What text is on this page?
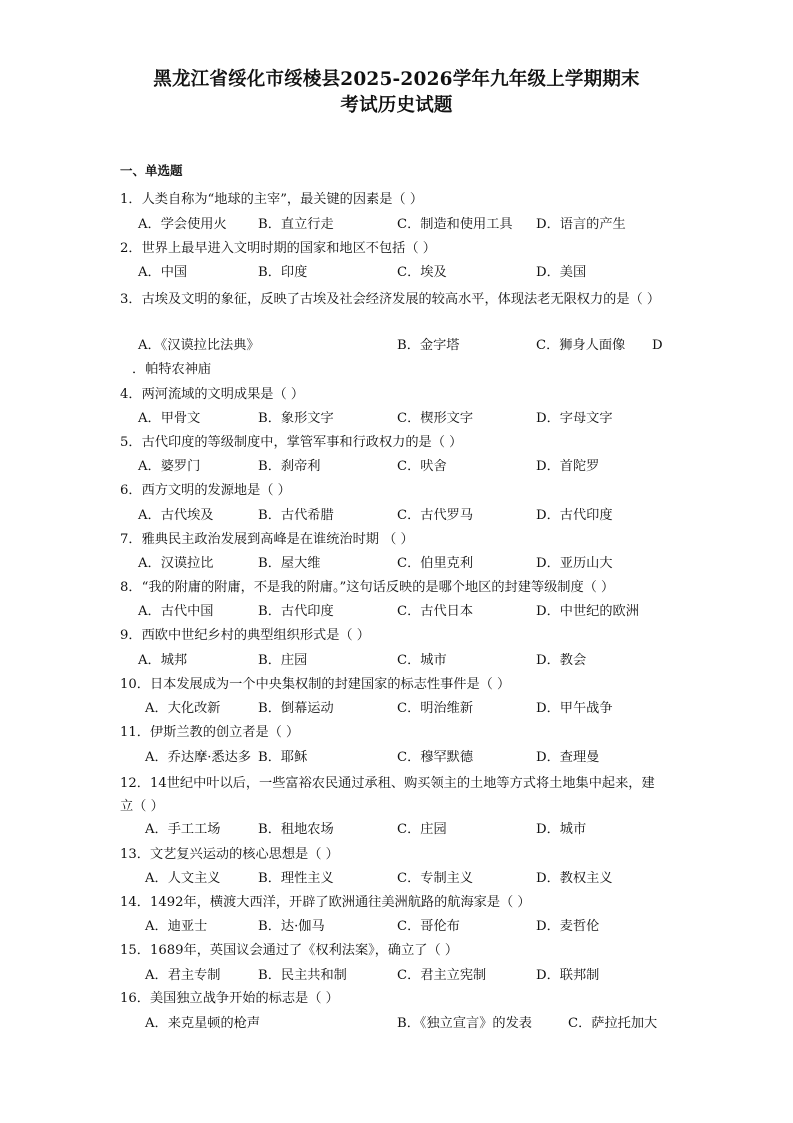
黑龙江省绥化市绥棱县2025-2026学年九年级上学期期末
考试历史试题
一、单选题
1．人类自称为“地球的主宰”，最关键的因素是（ ）
A．学会使用火 B．直立行走	C．制造和使用工具 D．语言的产生
2．世界上最早进入文明时期的国家和地区不包括（ ）
A．中国	B．印度	C．埃及	D．美国
3．古埃及文明的象征，反映了古埃及社会经济发展的较高水平，体现法老无限权力的是（ ）
A．《汉谟拉比法典》	B．金字塔	C．狮身人面像 D
．帕特农神庙
4．两河流域的文明成果是（ ）
A．甲骨文	B．象形文字	C．楔形文字	D．字母文字
5．古代印度的等级制度中，掌管军事和行政权力的是（ ）
A．婆罗门	B．刹帝利	C．吠舍	D．首陀罗
6．西方文明的发源地是（ ）
A．古代埃及	B．古代希腊	C．古代罗马	D．古代印度
7．雅典民主政治发展到高峰是在谁统治时期 （ ）
A．汉谟拉比	B．屋大维	C．伯里克利	D．亚历山大
8．“我的附庸的附庸，不是我的附庸。”这句话反映的是哪个地区的封建等级制度（ ）
A．古代中国	B．古代印度	C．古代日本	D．中世纪的欧洲
9．西欧中世纪乡村的典型组织形式是（ ）
A．城邦	B．庄园	C．城市	D．教会
10．日本发展成为一个中央集权制的封建国家的标志性事件是（ ）
A．大化改新	B．倒幕运动	C．明治维新	D．甲午战争
11．伊斯兰教的创立者是（ ）
A．乔达摩·悉达多 B．耶稣	C．穆罕默德	D．查理曼
12．14世纪中叶以后，一些富裕农民通过承租、购买领主的土地等方式将土地集中起来，建立（ ）
A．手工工场	B．租地农场	C．庄园	D．城市
13．文艺复兴运动的核心思想是（ ）
A．人文主义	B．理性主义	C．专制主义	D．教权主义
14．1492年，横渡大西洋，开辟了欧洲通往美洲航路的航海家是（ ）
A．迪亚士	B．达·伽马	C．哥伦布	D．麦哲伦
15．1689年，英国议会通过了《权利法案》，确立了（ ）
A．君主专制	B．民主共和制	C．君主立宪制	D．联邦制
16．美国独立战争开始的标志是（ ）
A．来克星顿的枪声	B．《独立宣言》的发表	C．萨拉托加大
